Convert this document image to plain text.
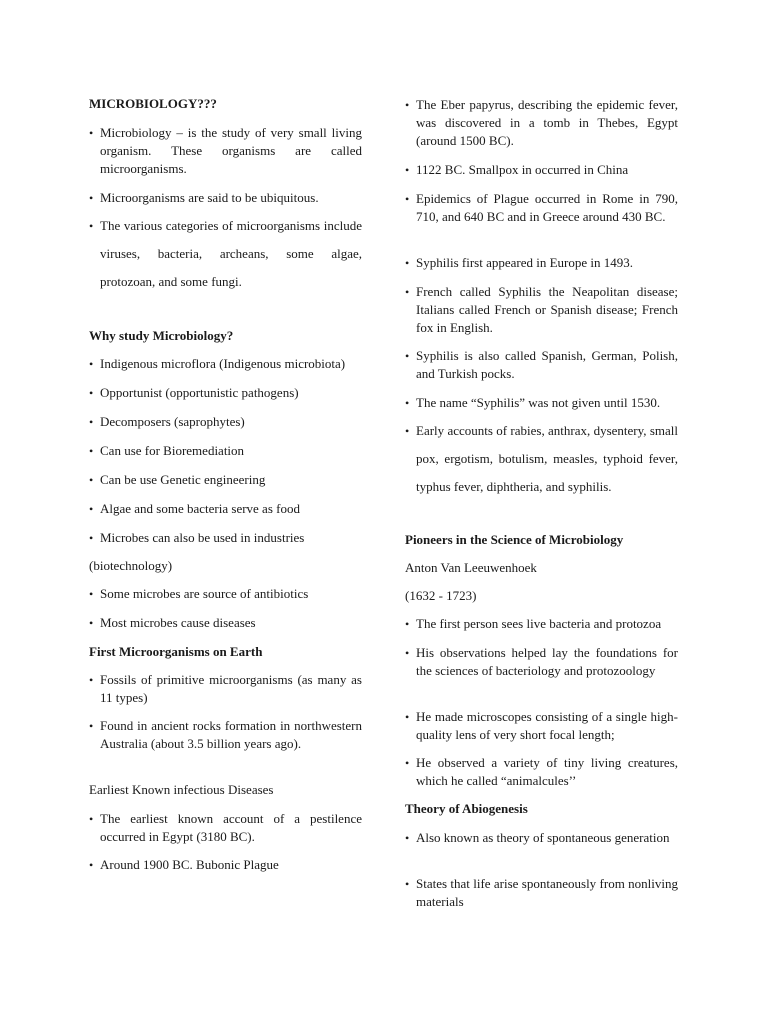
MICROBIOLOGY???
• Microbiology – is the study of very small living organism. These organisms are called microorganisms.
• Microorganisms are said to be ubiquitous.
• The various categories of microorganisms include viruses, bacteria, archeans, some algae, protozoan, and some fungi.
Why study Microbiology?
• Indigenous microflora (Indigenous microbiota)
• Opportunist (opportunistic pathogens)
• Decomposers (saprophytes)
• Can use for Bioremediation
• Can be use Genetic engineering
• Algae and some bacteria serve as food
• Microbes can also be used in industries
(biotechnology)
• Some microbes are source of antibiotics
• Most microbes cause diseases
First Microorganisms on Earth
• Fossils of primitive microorganisms (as many as 11 types)
• Found in ancient rocks formation in northwestern Australia (about 3.5 billion years ago).
Earliest Known infectious Diseases
• The earliest known account of a pestilence occurred in Egypt (3180 BC).
• Around 1900 BC. Bubonic Plague
• The Eber papyrus, describing the epidemic fever, was discovered in a tomb in Thebes, Egypt (around 1500 BC).
• 1122 BC. Smallpox in occurred in China
• Epidemics of Plague occurred in Rome in 790, 710, and 640 BC and in Greece around 430 BC.
• Syphilis first appeared in Europe in 1493.
• French called Syphilis the Neapolitan disease; Italians called French or Spanish disease; French fox in English.
• Syphilis is also called Spanish, German, Polish, and Turkish pocks.
• The name “Syphilis” was not given until 1530.
• Early accounts of rabies, anthrax, dysentery, small pox, ergotism, botulism, measles, typhoid fever, typhus fever, diphtheria, and syphilis.
Pioneers in the Science of Microbiology
Anton Van Leeuwenhoek
(1632 - 1723)
• The first person sees live bacteria and protozoa
• His observations helped lay the foundations for the sciences of bacteriology and protozoology
• He made microscopes consisting of a single high-quality lens of very short focal length;
• He observed a variety of tiny living creatures, which he called “animalcules’’
Theory of Abiogenesis
• Also known as theory of spontaneous generation
• States that life arise spontaneously from nonliving materials
